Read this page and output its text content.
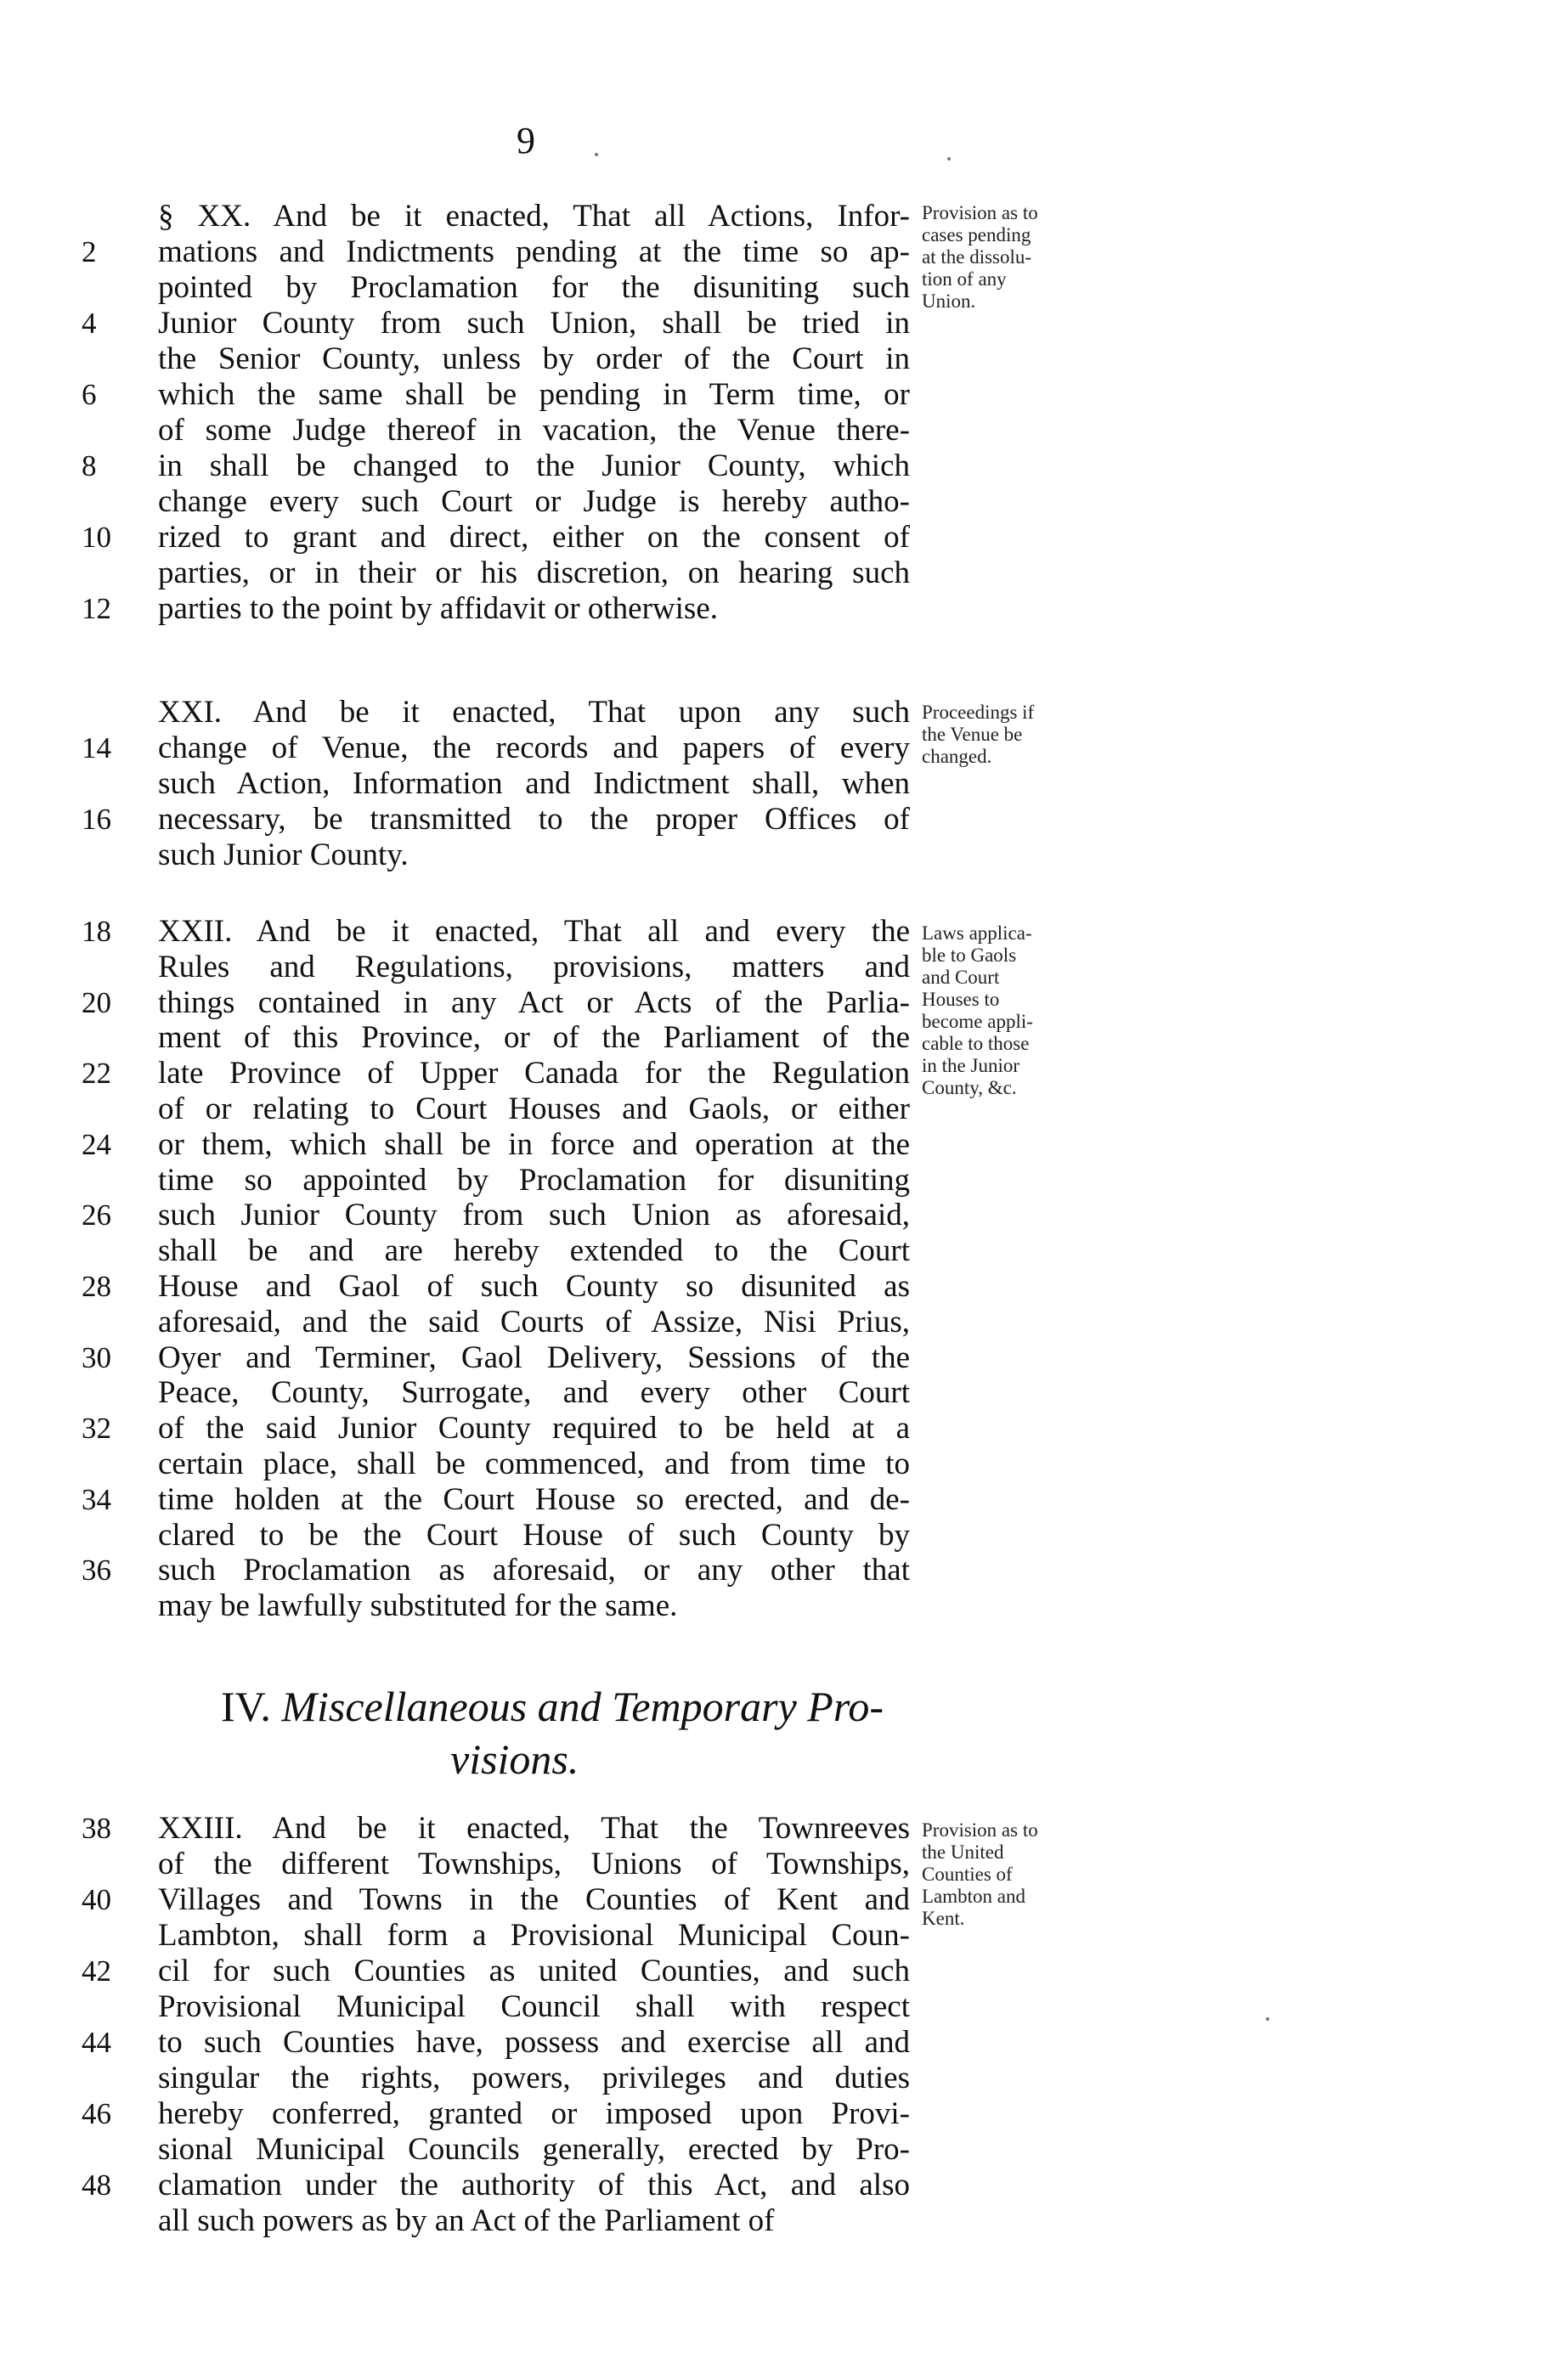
9
§ XX. And be it enacted, That all Actions, Infor-
2 mations and Indictments pending at the time so ap-
pointed by Proclamation for the disuniting such
4 Junior County from such Union, shall be tried in
the Senior County, unless by order of the Court in
6 which the same shall be pending in Term time, or
of some Judge thereof in vacation, the Venue there-
8 in shall be changed to the Junior County, which
change every such Court or Judge is hereby autho-
10 rized to grant and direct, either on the consent of
parties, or in their or his discretion, on hearing such
12 parties to the point by affidavit or otherwise.
Provision as to
cases pending
at the dissolu-
tion of any
Union.
XXI. And be it enacted, That upon any such
14 change of Venue, the records and papers of every
such Action, Information and Indictment shall, when
16 necessary, be transmitted to the proper Offices of
such Junior County.
Proceedings if
the Venue be
changed.
18 XXII. And be it enacted, That all and every the
Rules and Regulations, provisions, matters and
20 things contained in any Act or Acts of the Parlia-
ment of this Province, or of the Parliament of the
22 late Province of Upper Canada for the Regulation
of or relating to Court Houses and Gaols, or either
24 or them, which shall be in force and operation at the
time so appointed by Proclamation for disuniting
26 such Junior County from such Union as aforesaid,
shall be and are hereby extended to the Court
28 House and Gaol of such County so disunited as
aforesaid, and the said Courts of Assize, Nisi Prius,
30 Oyer and Terminer, Gaol Delivery, Sessions of the
Peace, County, Surrogate, and every other Court
32 of the said Junior County required to be held at a
certain place, shall be commenced, and from time to
34 time holden at the Court House so erected, and de-
clared to be the Court House of such County by
36 such Proclamation as aforesaid, or any other that
may be lawfully substituted for the same.
Laws applica-
ble to Gaols
and Court
Houses to
become appli-
cable to those
in the Junior
County, &c.
38 XXIII. And be it enacted, That the Townreeves
of the different Townships, Unions of Townships,
40 Villages and Towns in the Counties of Kent and
Lambton, shall form a Provisional Municipal Coun-
42 cil for such Counties as united Counties, and such
Provisional Municipal Council shall with respect
44 to such Counties have, possess and exercise all and
singular the rights, powers, privileges and duties
46 hereby conferred, granted or imposed upon Provi-
sional Municipal Councils generally, erected by Pro-
48 clamation under the authority of this Act, and also
all such powers as by an Act of the Parliament of
Provision as to
the United
Counties of
Lambton and
Kent.
IV. Miscellaneous and Temporary Pro-
visions.
